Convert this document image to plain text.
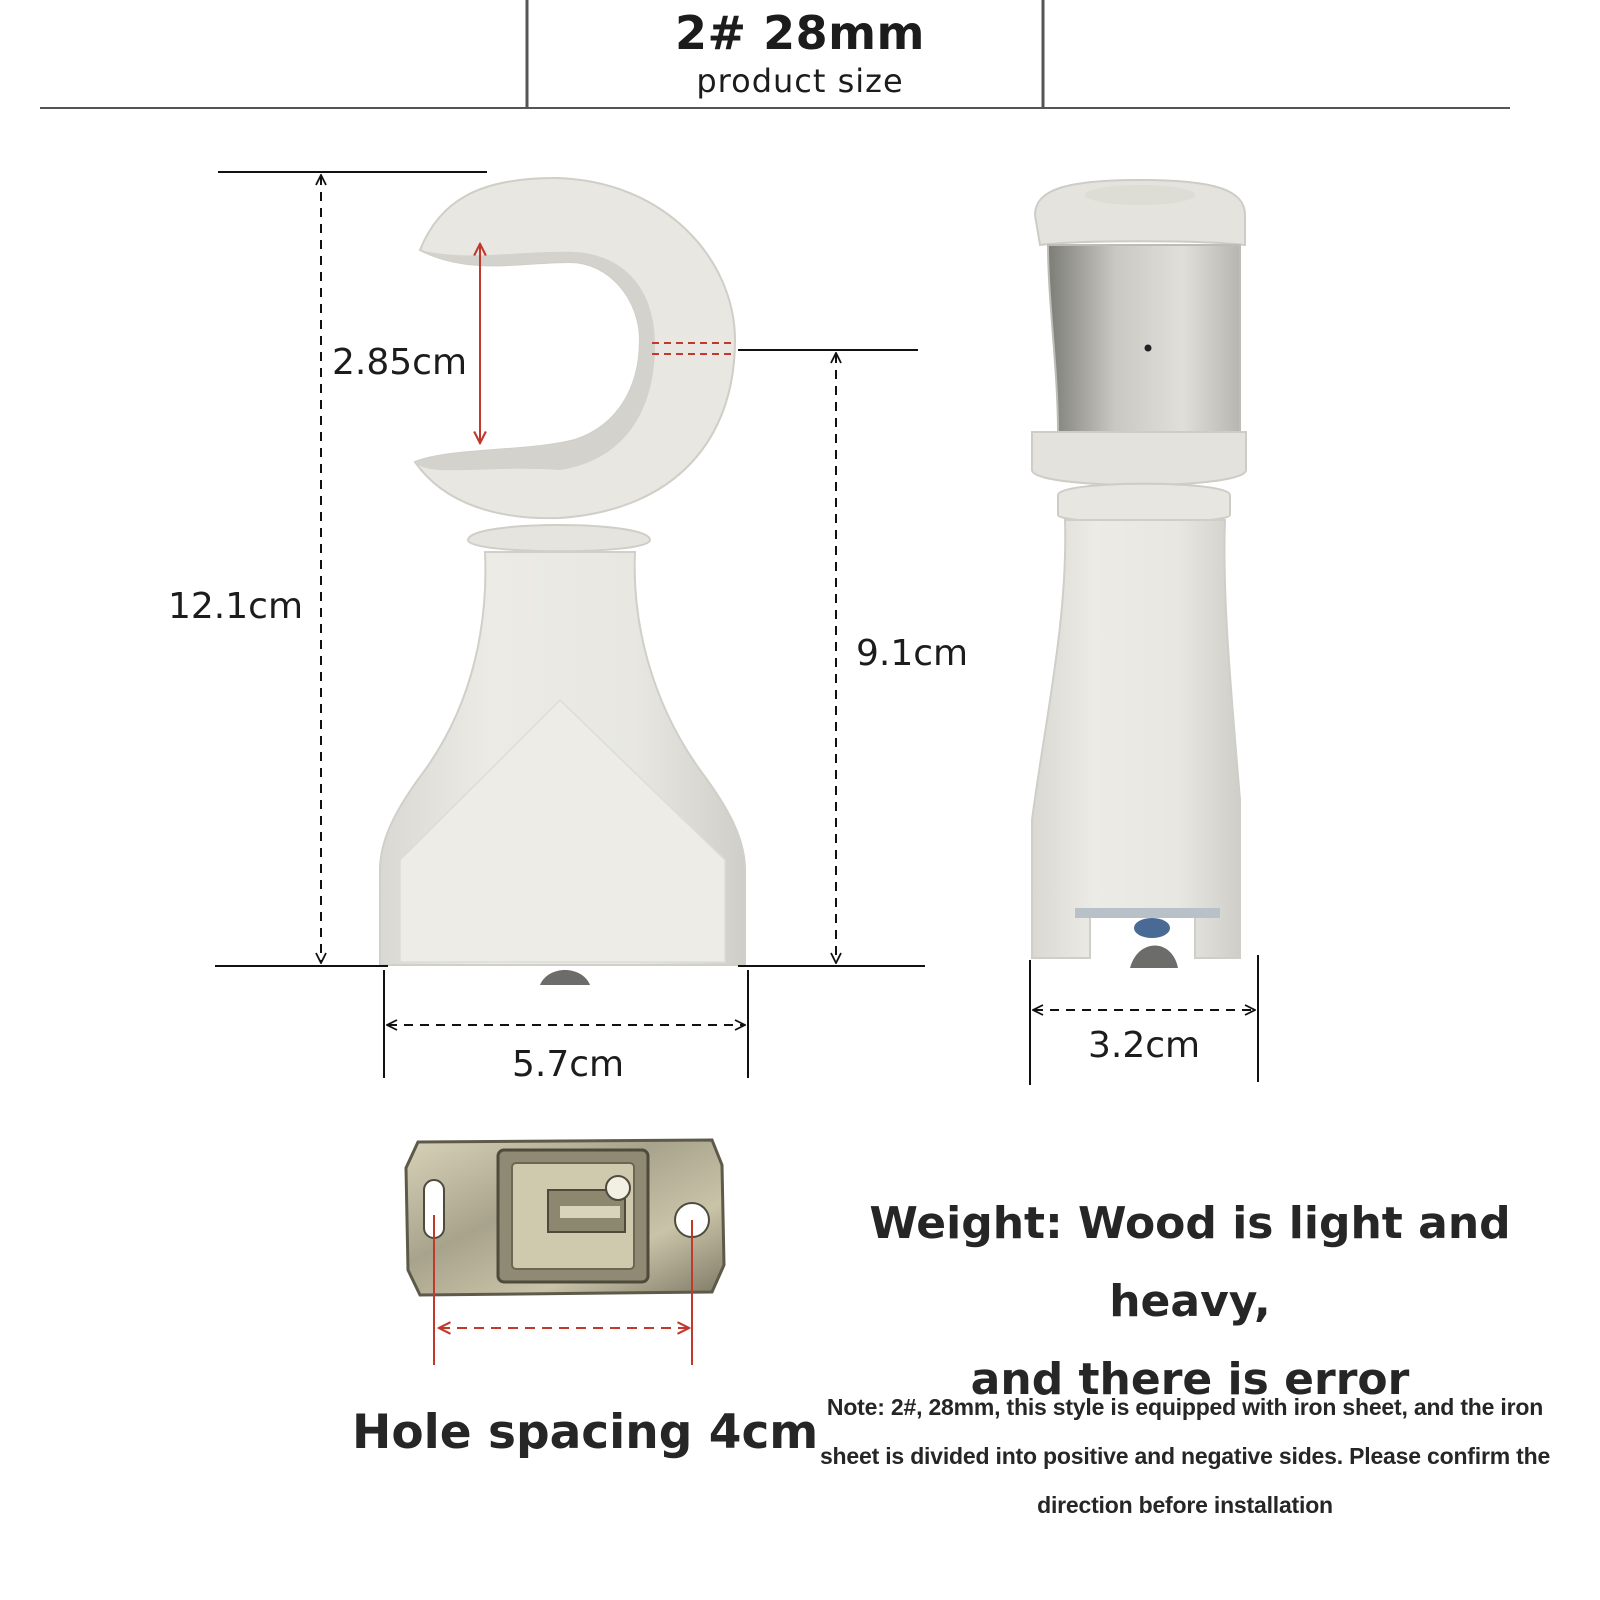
2# 28mm
product size
12.1cm
2.85cm
9.1cm
5.7cm	3.2cm
Hole spacing 4cm
Weight: Wood is light and heavy,
and there is error
Note: 2#, 28mm, this style is equipped with iron sheet, and the iron
sheet is divided into positive and negative sides. Please confirm the
direction before installation
